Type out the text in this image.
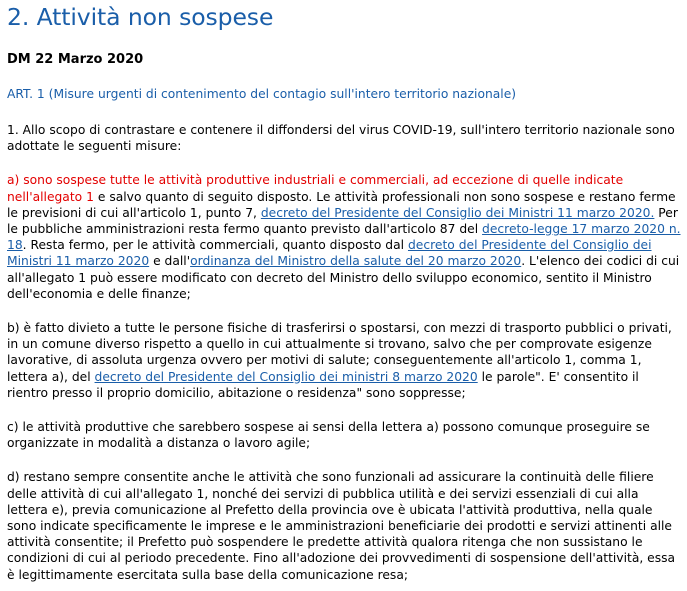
2. Attività non sospese
DM 22 Marzo 2020
ART. 1 (Misure urgenti di contenimento del contagio sull'intero territorio nazionale)

1. Allo scopo di contrastare e contenere il diffondersi del virus COVID-19, sull'intero territorio nazionale sono adottate le seguenti misure:

a) sono sospese tutte le attività produttive industriali e commerciali, ad eccezione di quelle indicate nell'allegato 1 e salvo quanto di seguito disposto. Le attività professionali non sono sospese e restano ferme le previsioni di cui all'articolo 1, punto 7, decreto del Presidente del Consiglio dei Ministri 11 marzo 2020. Per le pubbliche amministrazioni resta fermo quanto previsto dall'articolo 87 del decreto-legge 17 marzo 2020 n. 18. Resta fermo, per le attività commerciali, quanto disposto dal decreto del Presidente del Consiglio dei Ministri 11 marzo 2020 e dall'ordinanza del Ministro della salute del 20 marzo 2020. L'elenco dei codici di cui all'allegato 1 può essere modificato con decreto del Ministro dello sviluppo economico, sentito il Ministro dell'economia e delle finanze;

b) è fatto divieto a tutte le persone fisiche di trasferirsi o spostarsi, con mezzi di trasporto pubblici o privati, in un comune diverso rispetto a quello in cui attualmente si trovano, salvo che per comprovate esigenze lavorative, di assoluta urgenza ovvero per motivi di salute; conseguentemente all'articolo 1, comma 1, lettera a), del decreto del Presidente del Consiglio dei ministri 8 marzo 2020 le parole". E' consentito il rientro presso il proprio domicilio, abitazione o residenza" sono soppresse;

c) le attività produttive che sarebbero sospese ai sensi della lettera a) possono comunque proseguire se organizzate in modalità a distanza o lavoro agile;

d) restano sempre consentite anche le attività che sono funzionali ad assicurare la continuità delle filiere delle attività di cui all'allegato 1, nonché dei servizi di pubblica utilità e dei servizi essenziali di cui alla lettera e), previa comunicazione al Prefetto della provincia ove è ubicata l'attività produttiva, nella quale sono indicate specificamente le imprese e le amministrazioni beneficiarie dei prodotti e servizi attinenti alle attività consentite; il Prefetto può sospendere le predette attività qualora ritenga che non sussistano le condizioni di cui al periodo precedente. Fino all'adozione dei provvedimenti di sospensione dell'attività, essa è legittimamente esercitata sulla base della comunicazione resa;
